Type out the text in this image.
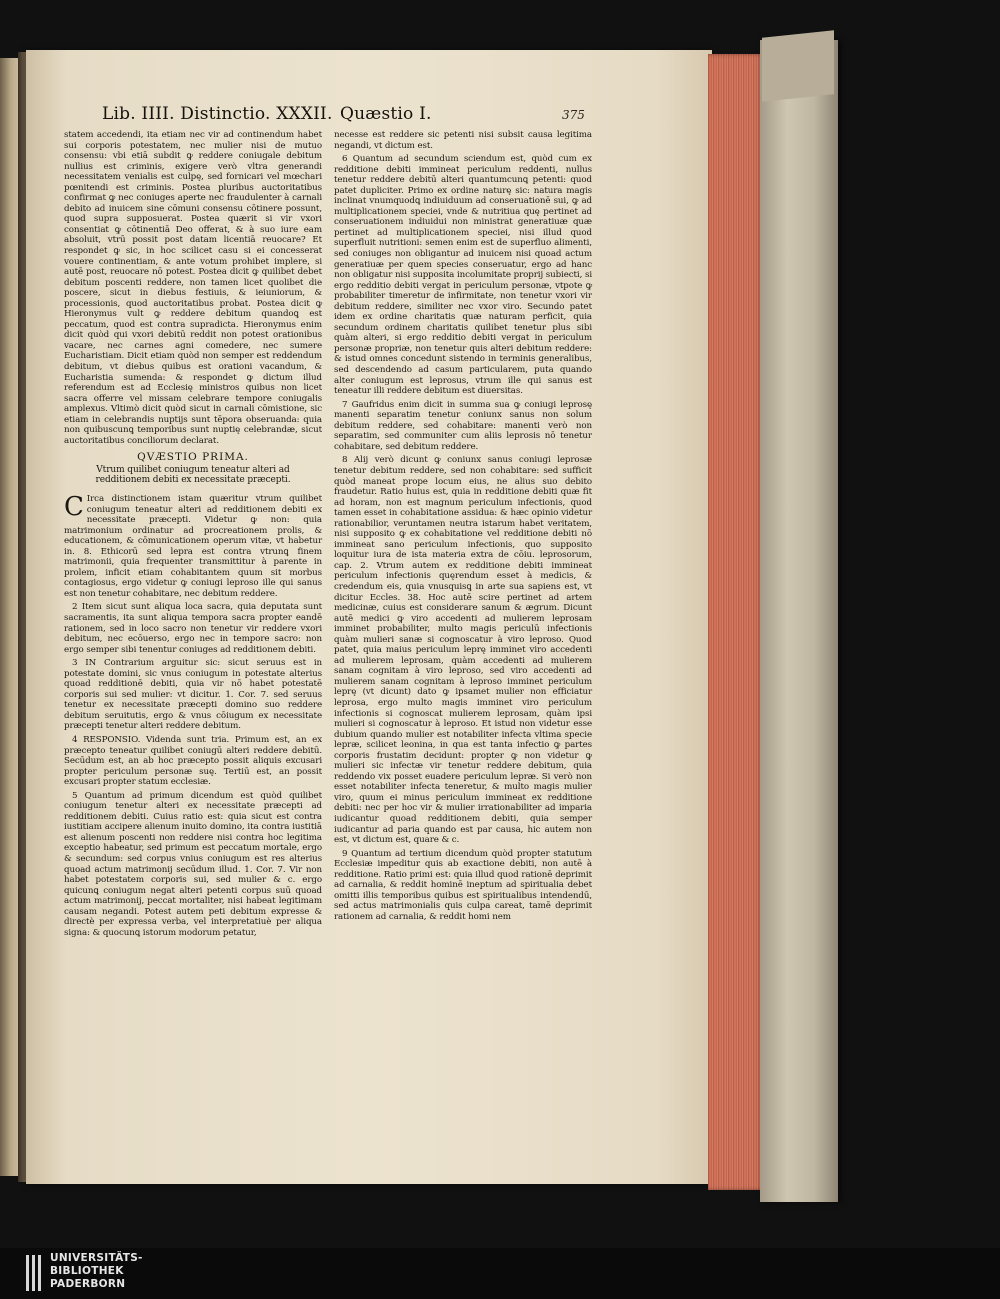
Lib. IIII. Distinctio. XXXII. Quæstio I.	375

statem accedendi, ita etiam nec vir ad continendum habet sui corporis potestatem, nec mulier nisi de mutuo consensu: vbi etiā subdit ꝙ reddere coniugale debitum nullius est criminis, exigere verò vltra generandi necessitatem venialis est culpę, sed fornicari vel mœchari pœnitendi est criminis. Postea pluribus auctoritatibus confirmat ꝙ nec coniuges aperte nec fraudulenter à carnali debito ad inuicem sine cōmuni consensu cōtinere possunt, quod supra supposuerat. Postea quærit si vir vxori consentiat ꝙ cōtinentiā Deo offerat, & à suo iure eam absoluit, vtrū possit post datam licentiā reuocare? Et respondet ꝙ sic, in hoc scilicet casu si ei concesserat vouere continentiam, & ante votum prohibet implere, si autē post, reuocare nō potest. Postea dicit ꝙ quilibet debet debitum poscenti reddere, non tamen licet quolibet die poscere, sicut in diebus festiuis, & ieiuniorum, & processionis, quod auctoritatibus probat. Postea dicit ꝙ Hieronymus vult ꝙ reddere debitum quandoꝗ est peccatum, quod est contra supradicta. Hieronymus enim dicit quòd qui vxori debitū reddit non potest orationibus vacare, nec carnes agni comedere, nec sumere Eucharistiam. Dicit etiam quòd non semper est reddendum debitum, vt diebus quibus est orationi vacandum, & Eucharistia sumenda: & respondet ꝙ dictum illud referendum est ad Ecclesię ministros quibus non licet sacra offerre vel missam celebrare tempore coniugalis amplexus. Vltimò dicit quòd sicut in carnali cōmistione, sic etiam in celebrandis nuptijs sunt tēpora obseruanda: quia non quibuscunꝗ temporibus sunt nuptię celebrandæ, sicut auctoritatibus conciliorum declarat.

QVÆSTIO PRIMA.
Vtrum quilibet coniugum teneatur alteri ad redditionem debiti ex necessitate præcepti.

C Irca distinctionem istam quæritur vtrum quilibet coniugum teneatur alteri ad redditionem debiti ex necessitate præcepti. Videtur ꝙ non: quia matrimonium ordinatur ad procreationem prolis, & educationem, & cōmunicationem operum vitæ, vt habetur in. 8. Ethicorū sed lepra est contra vtrunꝗ finem matrimonii, quia frequenter transmittitur à parente in prolem, inficit etiam cohabitantem quum sit morbus contagiosus, ergo videtur ꝙ coniugi leproso ille qui sanus est non tenetur cohabitare, nec debitum reddere.

2 Item sicut sunt aliqua loca sacra, quia deputata sunt sacramentis, ita sunt aliqua tempora sacra propter eandē rationem, sed in loco sacro non tenetur vir reddere vxori debitum, nec ecōuerso, ergo nec in tempore sacro: non ergo semper sibi tenentur coniuges ad redditionem debiti.

3 IN Contrarium arguitur sic: sicut seruus est in potestate domini, sic vnus coniugum in potestate alterius quoad redditionē debiti, quia vir nō habet potestatē corporis sui sed mulier: vt dicitur. 1. Cor. 7. sed seruus tenetur ex necessitate præcepti domino suo reddere debitum seruitutis, ergo & vnus cōiugum ex necessitate præcepti tenetur alteri reddere debitum.

4 RESPONSIO. Videnda sunt tria. Primum est, an ex præcepto teneatur quilibet coniugū alteri reddere debitū. Secūdum est, an ab hoc præcepto possit aliquis excusari propter periculum personæ suę. Tertiū est, an possit excusari propter statum ecclesiæ.

5 Quantum ad primum dicendum est quòd quilibet coniugum tenetur alteri ex necessitate præcepti ad redditionem debiti. Cuius ratio est: quia sicut est contra iustitiam accipere alienum inuito domino, ita contra iustitiā est alienum poscenti non reddere nisi contra hoc legitima exceptio habeatur, sed primum est peccatum mortale, ergo & secundum: sed corpus vnius coniugum est res alterius quoad actum matrimonij secūdum illud. 1. Cor. 7. Vir non habet potestatem corporis sui, sed mulier & c. ergo quicunꝗ coniugum negat alteri petenti corpus suū quoad actum matrimonij, peccat mortaliter, nisi habeat legitimam causam negandi. Potest autem peti debitum expresse & directè per expressa verba, vel interpretatiuè per aliqua signa: & quocunꝗ istorum modorum petatur,

necesse est reddere sic petenti nisi subsit causa legitima negandi, vt dictum est.

6 Quantum ad secundum sciendum est, quòd cum ex redditione debiti immineat periculum reddenti, nullus tenetur reddere debitū alteri quantumcunꝗ petenti: quod patet dupliciter. Primo ex ordine naturę sic: natura magis inclinat vnumquodꝗ indiuiduum ad conseruationē sui, ꝙ ad multiplicationem speciei, vnde & nutritiua quę pertinet ad conseruationem indiuidui non ministrat generatiuæ quæ pertinet ad multiplicationem speciei, nisi illud quod superfluit nutritioni: semen enim est de superfluo alimenti, sed coniuges non obligantur ad inuicem nisi quoad actum generatiuæ per quem species conseruatur, ergo ad hanc non obligatur nisi supposita incolumitate proprij subiecti, si ergo redditio debiti vergat in periculum personæ, vtpote ꝙ probabiliter timeretur de infirmitate, non tenetur vxori vir debitum reddere, similiter nec vxor viro. Secundo patet idem ex ordine charitatis quæ naturam perficit, quia secundum ordinem charitatis quilibet tenetur plus sibi quàm alteri, si ergo redditio debiti vergat in periculum personæ propriæ, non tenetur quis alteri debitum reddere: & istud omnes concedunt sistendo in terminis generalibus, sed descendendo ad casum particularem, puta quando alter coniugum est leprosus, vtrum ille qui sanus est teneatur illi reddere debitum est diuersitas.

7 Gaufridus enim dicit in summa sua ꝙ coniugi leprosę manenti separatim tenetur coniunx sanus non solum debitum reddere, sed cohabitare: manenti verò non separatim, sed communiter cum aliis leprosis nō tenetur cohabitare, sed debitum reddere.

8 Alij verò dicunt ꝙ coniunx sanus coniugi leprosæ tenetur debitum reddere, sed non cohabitare: sed sufficit quòd maneat prope locum eius, ne alius suo debito fraudetur. Ratio huius est, quia in redditione debiti quæ fit ad horam, non est magnum periculum infectionis, quod tamen esset in cohabitatione assidua: & hæc opinio videtur rationabilior, veruntamen neutra istarum habet veritatem, nisi supposito ꝙ ex cohabitatione vel redditione debiti nō immineat sano periculum infectionis, quo supposito loquitur iura de ista materia extra de cōiu. leprosorum, cap. 2. Vtrum autem ex redditione debiti immineat periculum infectionis quęrendum esset à medicis, & credendum eis, quia vnusquisꝗ in arte sua sapiens est, vt dicitur Eccles. 38. Hoc autē scire pertinet ad artem medicinæ, cuius est considerare sanum & ægrum. Dicunt autē medici ꝙ viro accedenti ad mulierem leprosam imminet probabiliter, multo magis periculū infectionis quàm mulieri sanæ si cognoscatur à viro leproso. Quod patet, quia maius periculum leprę imminet viro accedenti ad mulierem leprosam, quàm accedenti ad mulierem sanam cognitam à viro leproso, sed viro accedenti ad mulierem sanam cognitam à leproso imminet periculum leprę (vt dicunt) dato ꝙ ipsamet mulier non efficiatur leprosa, ergo multo magis imminet viro periculum infectionis si cognoscat mulierem leprosam, quàm ipsi mulieri si cognoscatur à leproso. Et istud non videtur esse dubium quando mulier est notabiliter infecta vltima specie lepræ, scilicet leonina, in qua est tanta infectio ꝙ partes corporis frustatim decidunt: propter ꝙ non videtur ꝙ mulieri sic infectæ vir tenetur reddere debitum, quia reddendo vix posset euadere periculum lepræ. Si verò non esset notabiliter infecta teneretur, & multo magis mulier viro, quum ei minus periculum immineat ex redditione debiti: nec per hoc vir & mulier irrationabiliter ad imparia iudicantur quoad redditionem debiti, quia semper iudicantur ad paria quando est par causa, hic autem non est, vt dictum est, quare & c.

9 Quantum ad tertium dicendum quòd propter statutum Ecclesiæ impeditur quis ab exactione debiti, non autē à redditione. Ratio primi est: quia illud quod rationē deprimit ad carnalia, & reddit hominē ineptum ad spiritualia debet omitti illis temporibus quibus est spiritualibus intendendū, sed actus matrimonialis quis culpa careat, tamē deprimit rationem ad carnalia, & reddit homi nem

UNIVERSITÄTS-
BIBLIOTHEK
PADERBORN
